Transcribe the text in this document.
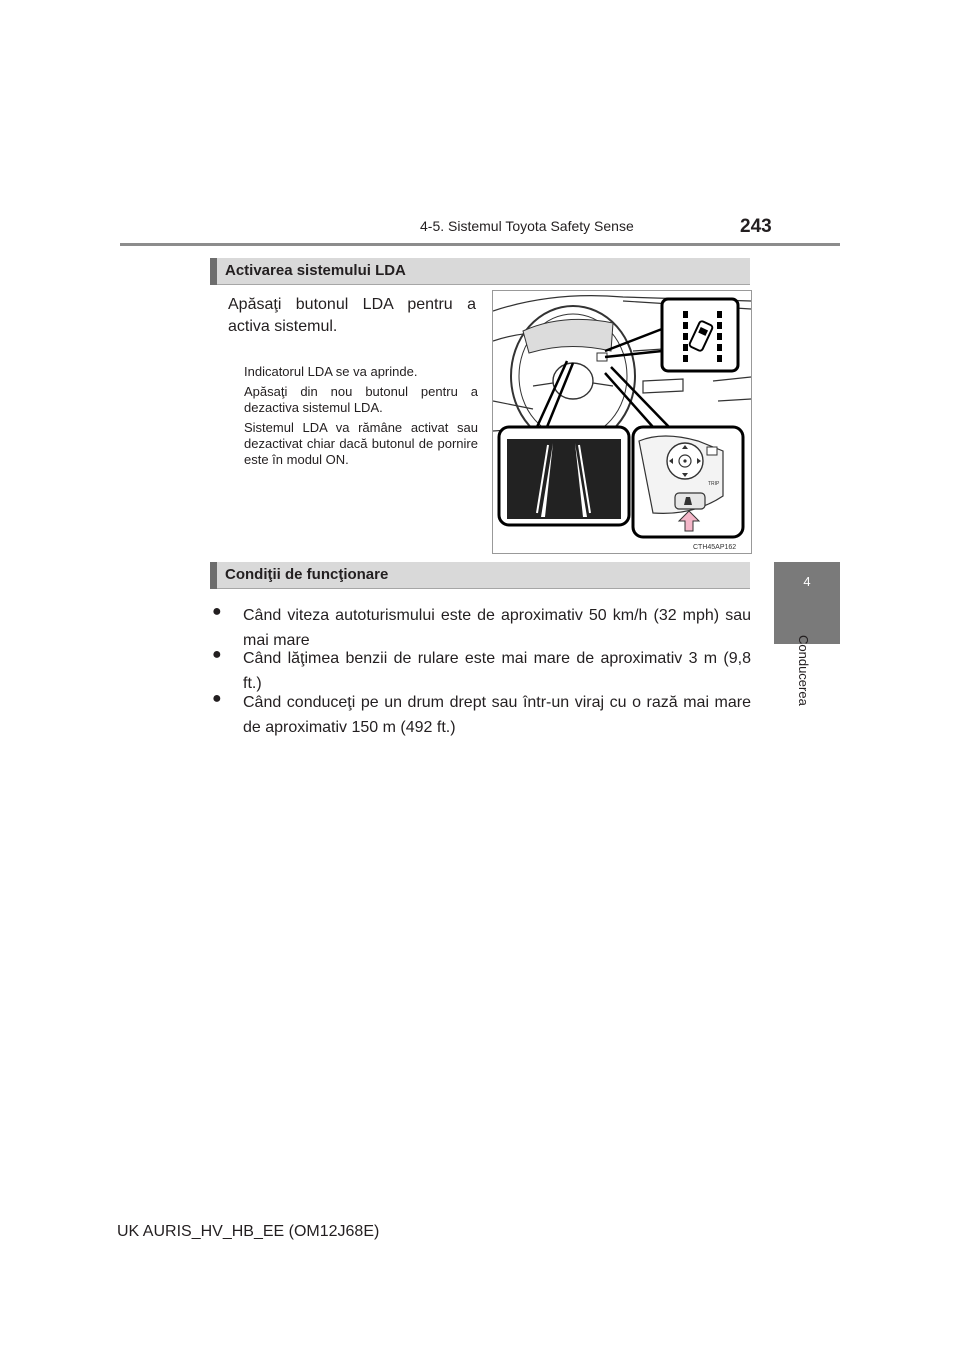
4-5. Sistemul Toyota Safety Sense	243
4
Conducerea
Activarea sistemului LDA
Apăsaţi butonul LDA pentru a
activa sistemul.
Indicatorul LDA se va aprinde.
Apăsaţi din nou butonul pentru a dezactiva sistemul LDA.
Sistemul LDA va rămâne activat sau dezactivat chiar dacă butonul de pornire este în modul ON.
TRIP
CTH45AP162
Condiţii de funcţionare
● Când viteza autoturismului este de aproximativ 50 km/h (32 mph) sau mai mare
● Când lăţimea benzii de rulare este mai mare de aproximativ 3 m (9,8 ft.)
● Când conduceţi pe un drum drept sau într-un viraj cu o rază mai mare de aproximativ 150 m (492 ft.)
UK AURIS_HV_HB_EE (OM12J68E)
